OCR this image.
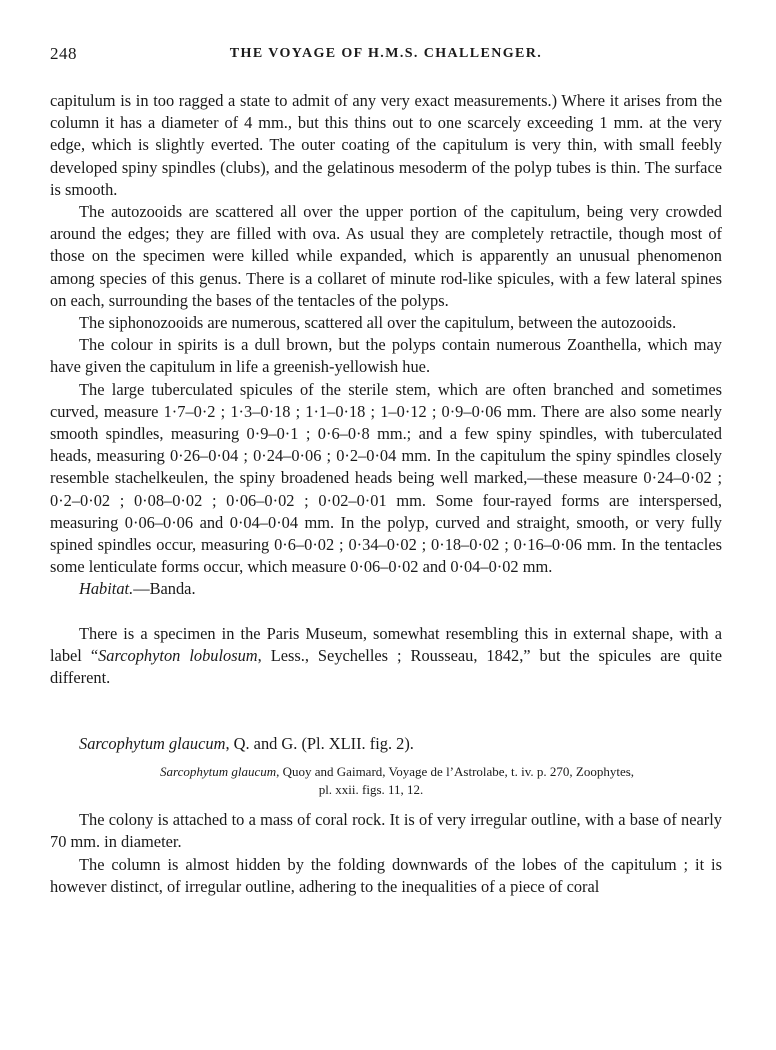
248	THE VOYAGE OF H.M.S. CHALLENGER.

capitulum is in too ragged a state to admit of any very exact measurements.) Where it arises from the column it has a diameter of 4 mm., but this thins out to one scarcely exceeding 1 mm. at the very edge, which is slightly everted. The outer coating of the capitulum is very thin, with small feebly developed spiny spindles (clubs), and the gelatinous mesoderm of the polyp tubes is thin. The surface is smooth.

The autozooids are scattered all over the upper portion of the capitulum, being very crowded around the edges; they are filled with ova. As usual they are completely retractile, though most of those on the specimen were killed while expanded, which is apparently an unusual phenomenon among species of this genus. There is a collaret of minute rod-like spicules, with a few lateral spines on each, surrounding the bases of the tentacles of the polyps.

The siphonozooids are numerous, scattered all over the capitulum, between the autozooids.

The colour in spirits is a dull brown, but the polyps contain numerous Zoanthella, which may have given the capitulum in life a greenish-yellowish hue.

The large tuberculated spicules of the sterile stem, which are often branched and sometimes curved, measure 1·7–0·2 ; 1·3–0·18 ; 1·1–0·18 ; 1–0·12 ; 0·9–0·06 mm. There are also some nearly smooth spindles, measuring 0·9–0·1 ; 0·6–0·8 mm.; and a few spiny spindles, with tuberculated heads, measuring 0·26–0·04 ; 0·24–0·06 ; 0·2–0·04 mm. In the capitulum the spiny spindles closely resemble stachelkeulen, the spiny broadened heads being well marked,—these measure 0·24–0·02 ; 0·2–0·02 ; 0·08–0·02 ; 0·06–0·02 ; 0·02–0·01 mm. Some four-rayed forms are interspersed, measuring 0·06–0·06 and 0·04–0·04 mm. In the polyp, curved and straight, smooth, or very fully spined spindles occur, measuring 0·6–0·02 ; 0·34–0·02 ; 0·18–0·02 ; 0·16–0·06 mm. In the tentacles some lenticulate forms occur, which measure 0·06–0·02 and 0·04–0·02 mm.

Habitat.—Banda.

There is a specimen in the Paris Museum, somewhat resembling this in external shape, with a label “Sarcophyton lobulosum, Less., Seychelles ; Rousseau, 1842,” but the spicules are quite different.

Sarcophytum glaucum, Q. and G. (Pl. XLII. fig. 2).

Sarcophytum glaucum, Quoy and Gaimard, Voyage de l’Astrolabe, t. iv. p. 270, Zoophytes,
pl. xxii. figs. 11, 12.

The colony is attached to a mass of coral rock. It is of very irregular outline, with a base of nearly 70 mm. in diameter.

The column is almost hidden by the folding downwards of the lobes of the capitulum ; it is however distinct, of irregular outline, adhering to the inequalities of a piece of coral
